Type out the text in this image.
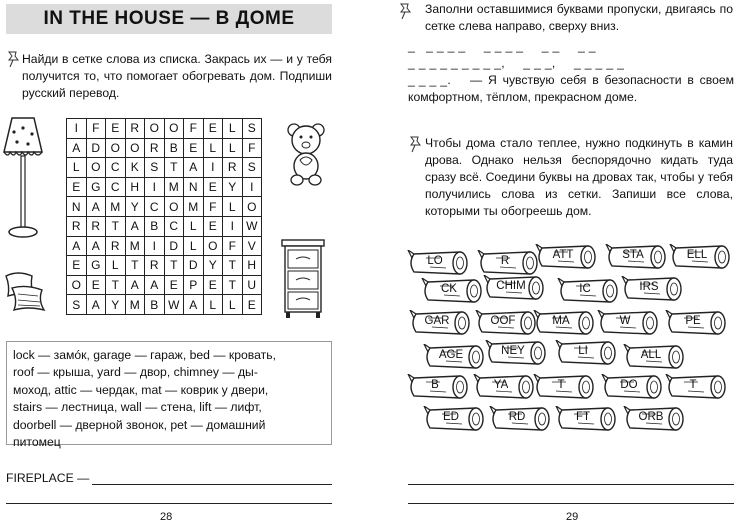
IN THE HOUSE — В ДОМЕ
Найди в сетке слова из списка. Закрась их — и у тебя получится то, что помогает обогревать дом. Подпиши русский перевод.
I	F	E	R	O	O	F	E	L	S
A	D	O	O	R	B	E	L	L	F
L	O	C	K	S	T	A	I	R	S
E	G	C	H	I	M	N	E	Y	I
N	A	M	Y	C	O	M	F	L	O
R	R	T	A	B	C	L	E	I	W
A	A	R	M	I	D	L	O	F	V
E	G	L	T	R	T	D	Y	T	H
O	E	T	A	A	E	P	E	T	U
S	A	Y	M	B	W	A	L	L	E
lock — замóк, garage — гараж, bed — кровать,
roof — крыша, yard — двор, chimney — ды-
моход, attic — чердак, mat — коврик у двери,
stairs — лестница, wall — стена, lift — лифт,
doorbell — дверной звонок, pet — домашний
питомец
FIREPLACE —
28
Заполни оставшимися буквами пропуски, двигаясь по сетке слева направо, сверху вниз.
_   _ _ _ _     _ _ _ _     _ _     _ _
_ _ _ _ _ _ _ _ _,     _ _ _,     _ _ _ _ _
_ _ _ _.	— Я чувствую себя в безопасности в своем комфортном, тёплом, прекрасном доме.
Чтобы дома стало теплее, нужно подкинуть в камин дрова. Однако нельзя беспорядочно кидать туда сразу всё. Соедини буквы на дровах так, чтобы у тебя получились слова из сетки. Запиши все слова, которыми ты обогреешь дом.
LO	R	ATT	STA	ELL
CK	CHIM	IC	IRS
GAR	OOF	MA	W	PE
AGE	NEY	LI	ALL
B	YA	T	DO	T
ED	RD	FT	ORB
29
